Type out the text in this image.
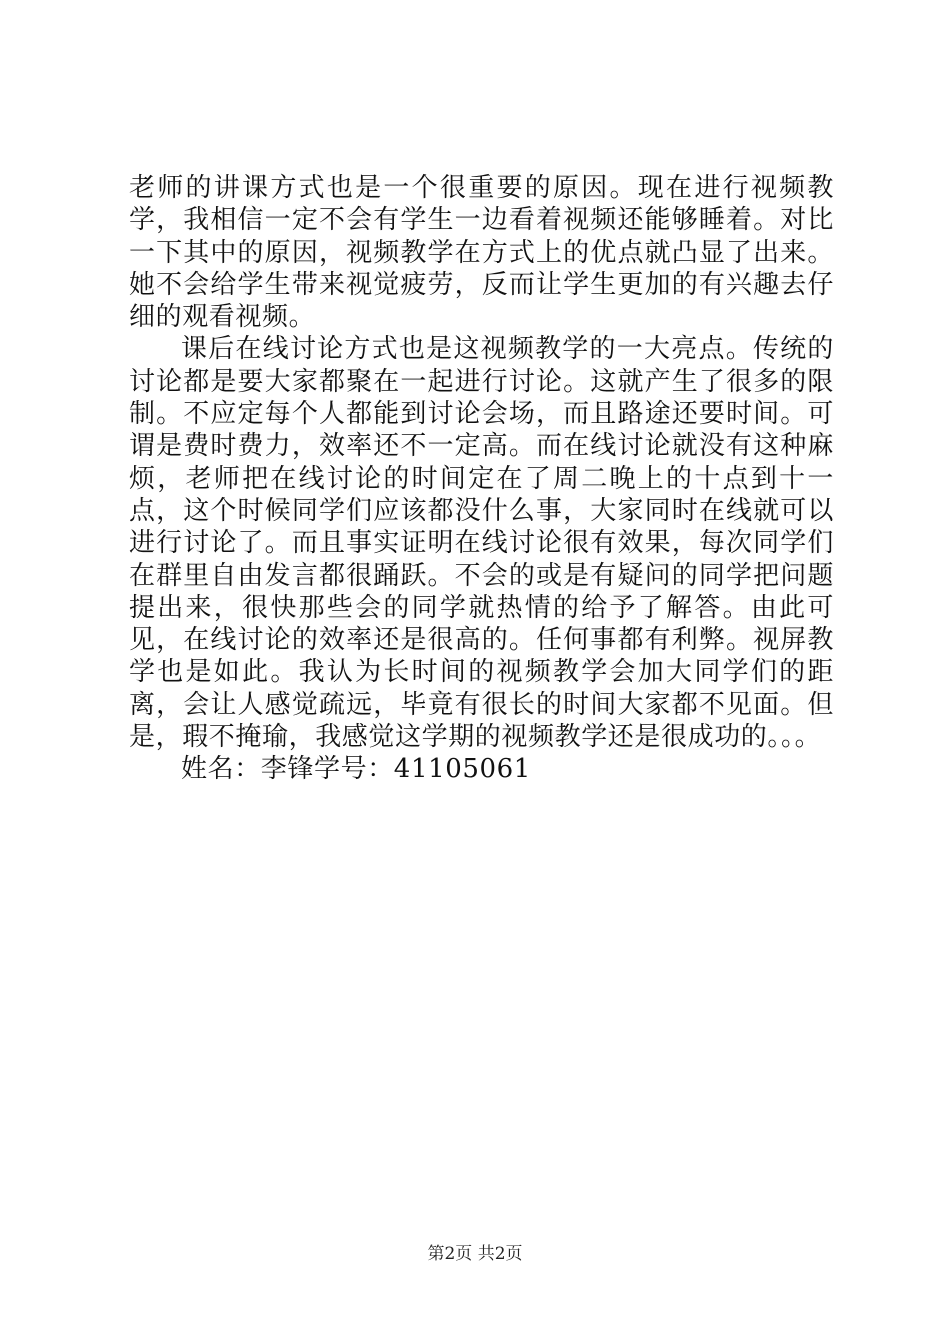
老师的讲课方式也是一个很重要的原因。现在进行视频教学，我相信一定不会有学生一边看着视频还能够睡着。对比一下其中的原因，视频教学在方式上的优点就凸显了出来。她不会给学生带来视觉疲劳，反而让学生更加的有兴趣去仔细的观看视频。

课后在线讨论方式也是这视频教学的一大亮点。传统的讨论都是要大家都聚在一起进行讨论。这就产生了很多的限制。不应定每个人都能到讨论会场，而且路途还要时间。可谓是费时费力，效率还不一定高。而在线讨论就没有这种麻烦，老师把在线讨论的时间定在了周二晚上的十点到十一点，这个时候同学们应该都没什么事，大家同时在线就可以进行讨论了。而且事实证明在线讨论很有效果，每次同学们在群里自由发言都很踊跃。不会的或是有疑问的同学把问题提出来，很快那些会的同学就热情的给予了解答。由此可见，在线讨论的效率还是很高的。任何事都有利弊。视屏教学也是如此。我认为长时间的视频教学会加大同学们的距离，会让人感觉疏远，毕竟有很长的时间大家都不见面。但是，瑕不掩瑜，我感觉这学期的视频教学还是很成功的。。。

姓名：李锋学号：41105061

第2页 共2页
